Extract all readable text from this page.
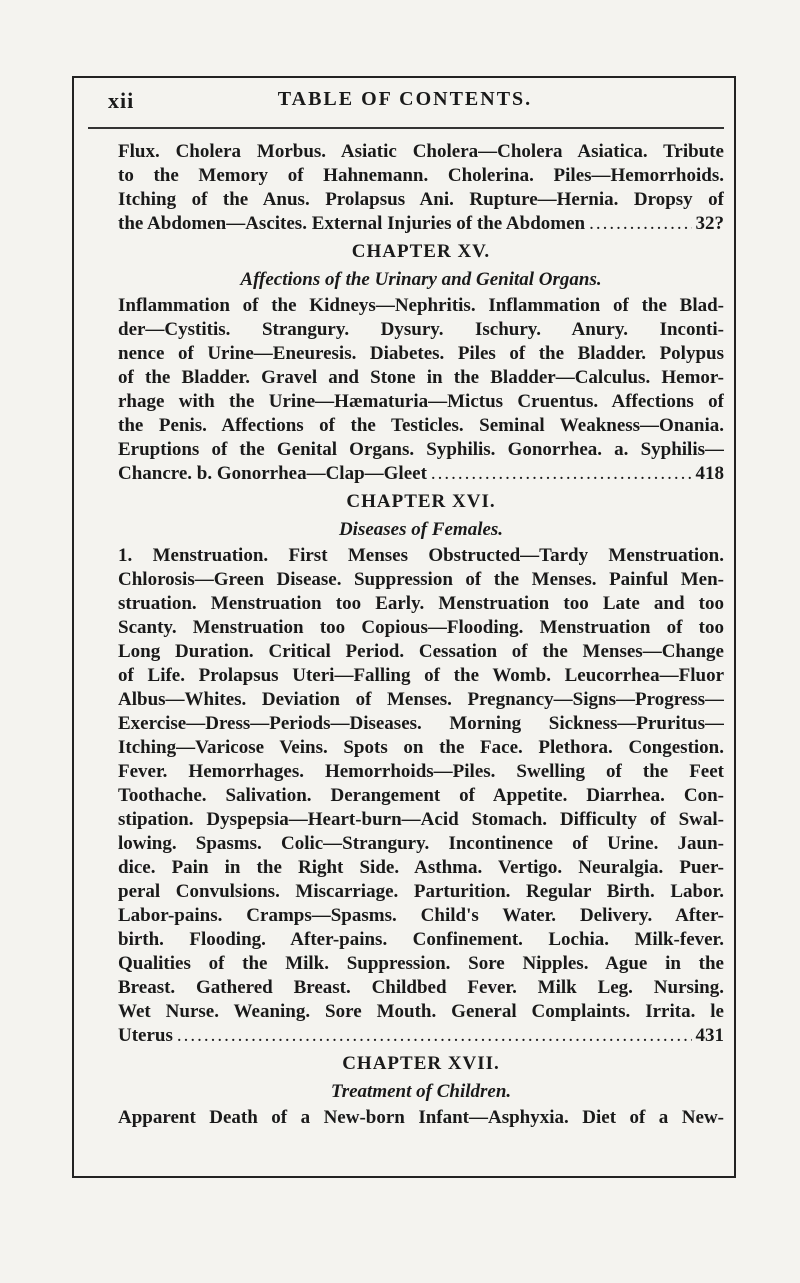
xii	TABLE OF CONTENTS.
Flux. Cholera Morbus. Asiatic Cholera—Cholera Asiatica. Tribute
to the Memory of Hahnemann. Cholerina. Piles—Hemorrhoids.
Itching of the Anus. Prolapsus Ani. Rupture—Hernia. Dropsy of
the Abdomen—Ascites. External Injuries of the Abdomen .....	32?
CHAPTER XV.
Affections of the Urinary and Genital Organs.
Inflammation of the Kidneys—Nephritis. Inflammation of the Blad-
der—Cystitis. Strangury. Dysury. Ischury. Anury. Inconti-
nence of Urine—Eneuresis. Diabetes. Piles of the Bladder. Polypus
of the Bladder. Gravel and Stone in the Bladder—Calculus. Hemor-
rhage with the Urine—Hæmaturia—Mictus Cruentus. Affections of
the Penis. Affections of the Testicles. Seminal Weakness—Onania.
Eruptions of the Genital Organs. Syphilis. Gonorrhea. a. Syphilis—
Chancre. b. Gonorrhea—Clap—Gleet .....	418
CHAPTER XVI.
Diseases of Females.
1. Menstruation. First Menses Obstructed—Tardy Menstruation.
Chlorosis—Green Disease. Suppression of the Menses. Painful Men-
struation. Menstruation too Early. Menstruation too Late and too
Scanty. Menstruation too Copious—Flooding. Menstruation of too
Long Duration. Critical Period. Cessation of the Menses—Change
of Life. Prolapsus Uteri—Falling of the Womb. Leucorrhea—Fluor
Albus—Whites. Deviation of Menses. Pregnancy—Signs—Progress—
Exercise—Dress—Periods—Diseases. Morning Sickness—Pruritus—
Itching—Varicose Veins. Spots on the Face. Plethora. Congestion.
Fever. Hemorrhages. Hemorrhoids—Piles. Swelling of the Feet
Toothache. Salivation. Derangement of Appetite. Diarrhea. Con-
stipation. Dyspepsia—Heart-burn—Acid Stomach. Difficulty of Swal-
lowing. Spasms. Colic—Strangury. Incontinence of Urine. Jaun-
dice. Pain in the Right Side. Asthma. Vertigo. Neuralgia. Puer-
peral Convulsions. Miscarriage. Parturition. Regular Birth. Labor.
Labor-pains. Cramps—Spasms. Child's Water. Delivery. After-
birth. Flooding. After-pains. Confinement. Lochia. Milk-fever.
Qualities of the Milk. Suppression. Sore Nipples. Ague in the
Breast. Gathered Breast. Childbed Fever. Milk Leg. Nursing.
Wet Nurse. Weaning. Sore Mouth. General Complaints. Irrita. le
Uterus .....	431
CHAPTER XVII.
Treatment of Children.
Apparent Death of a New-born Infant—Asphyxia. Diet of a New-
